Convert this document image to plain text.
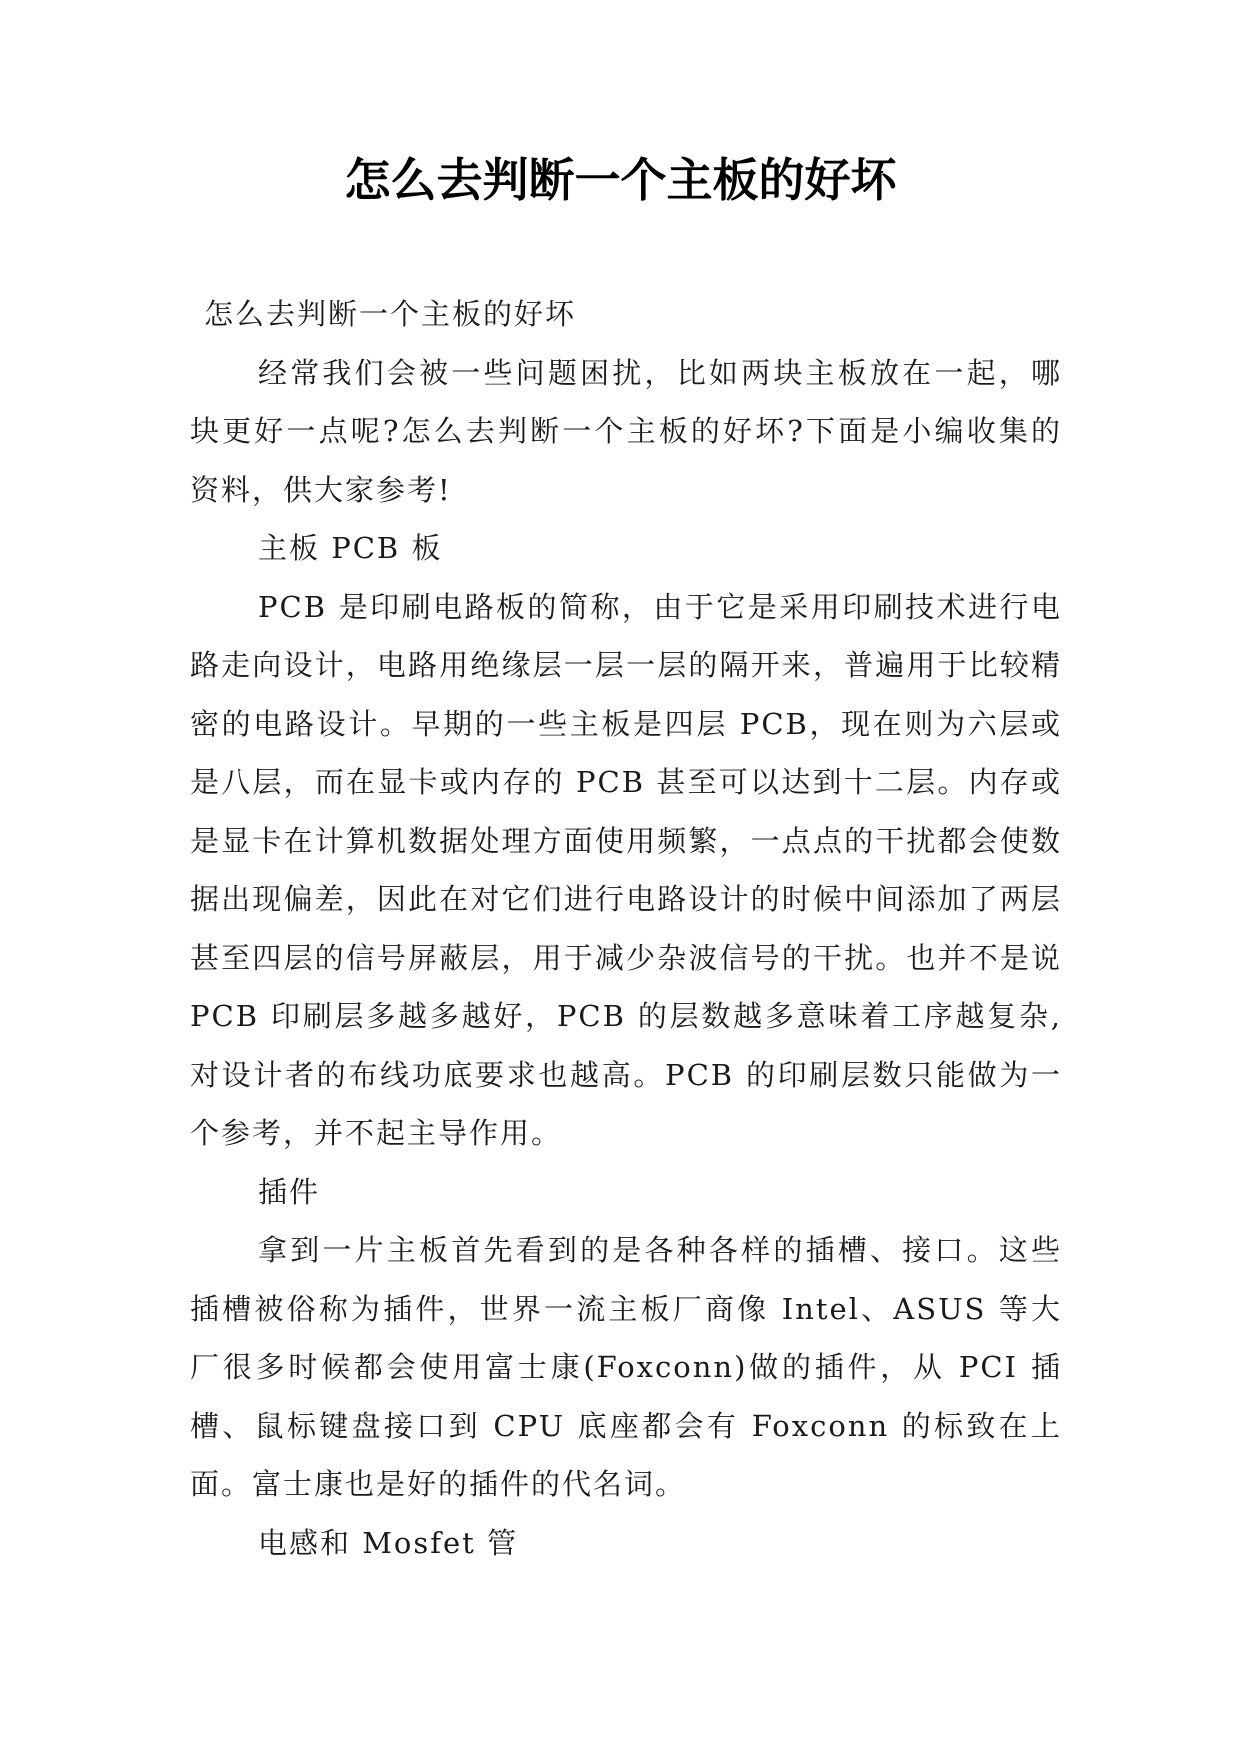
怎么去判断一个主板的好坏

怎么去判断一个主板的好坏

经常我们会被一些问题困扰，比如两块主板放在一起，哪块更好一点呢?怎么去判断一个主板的好坏?下面是小编收集的资料，供大家参考!

主板 PCB 板

PCB 是印刷电路板的简称，由于它是采用印刷技术进行电路走向设计，电路用绝缘层一层一层的隔开来，普遍用于比较精密的电路设计。早期的一些主板是四层 PCB，现在则为六层或是八层，而在显卡或内存的 PCB 甚至可以达到十二层。内存或是显卡在计算机数据处理方面使用频繁，一点点的干扰都会使数据出现偏差，因此在对它们进行电路设计的时候中间添加了两层甚至四层的信号屏蔽层，用于减少杂波信号的干扰。也并不是说 PCB 印刷层多越多越好，PCB 的层数越多意味着工序越复杂,对设计者的布线功底要求也越高。PCB 的印刷层数只能做为一个参考，并不起主导作用。

插件

拿到一片主板首先看到的是各种各样的插槽、接口。这些插槽被俗称为插件，世界一流主板厂商像 Intel、ASUS 等大厂很多时候都会使用富士康(Foxconn)做的插件，从 PCI 插槽、鼠标键盘接口到 CPU 底座都会有 Foxconn 的标致在上面。富士康也是好的插件的代名词。

电感和 Mosfet 管
